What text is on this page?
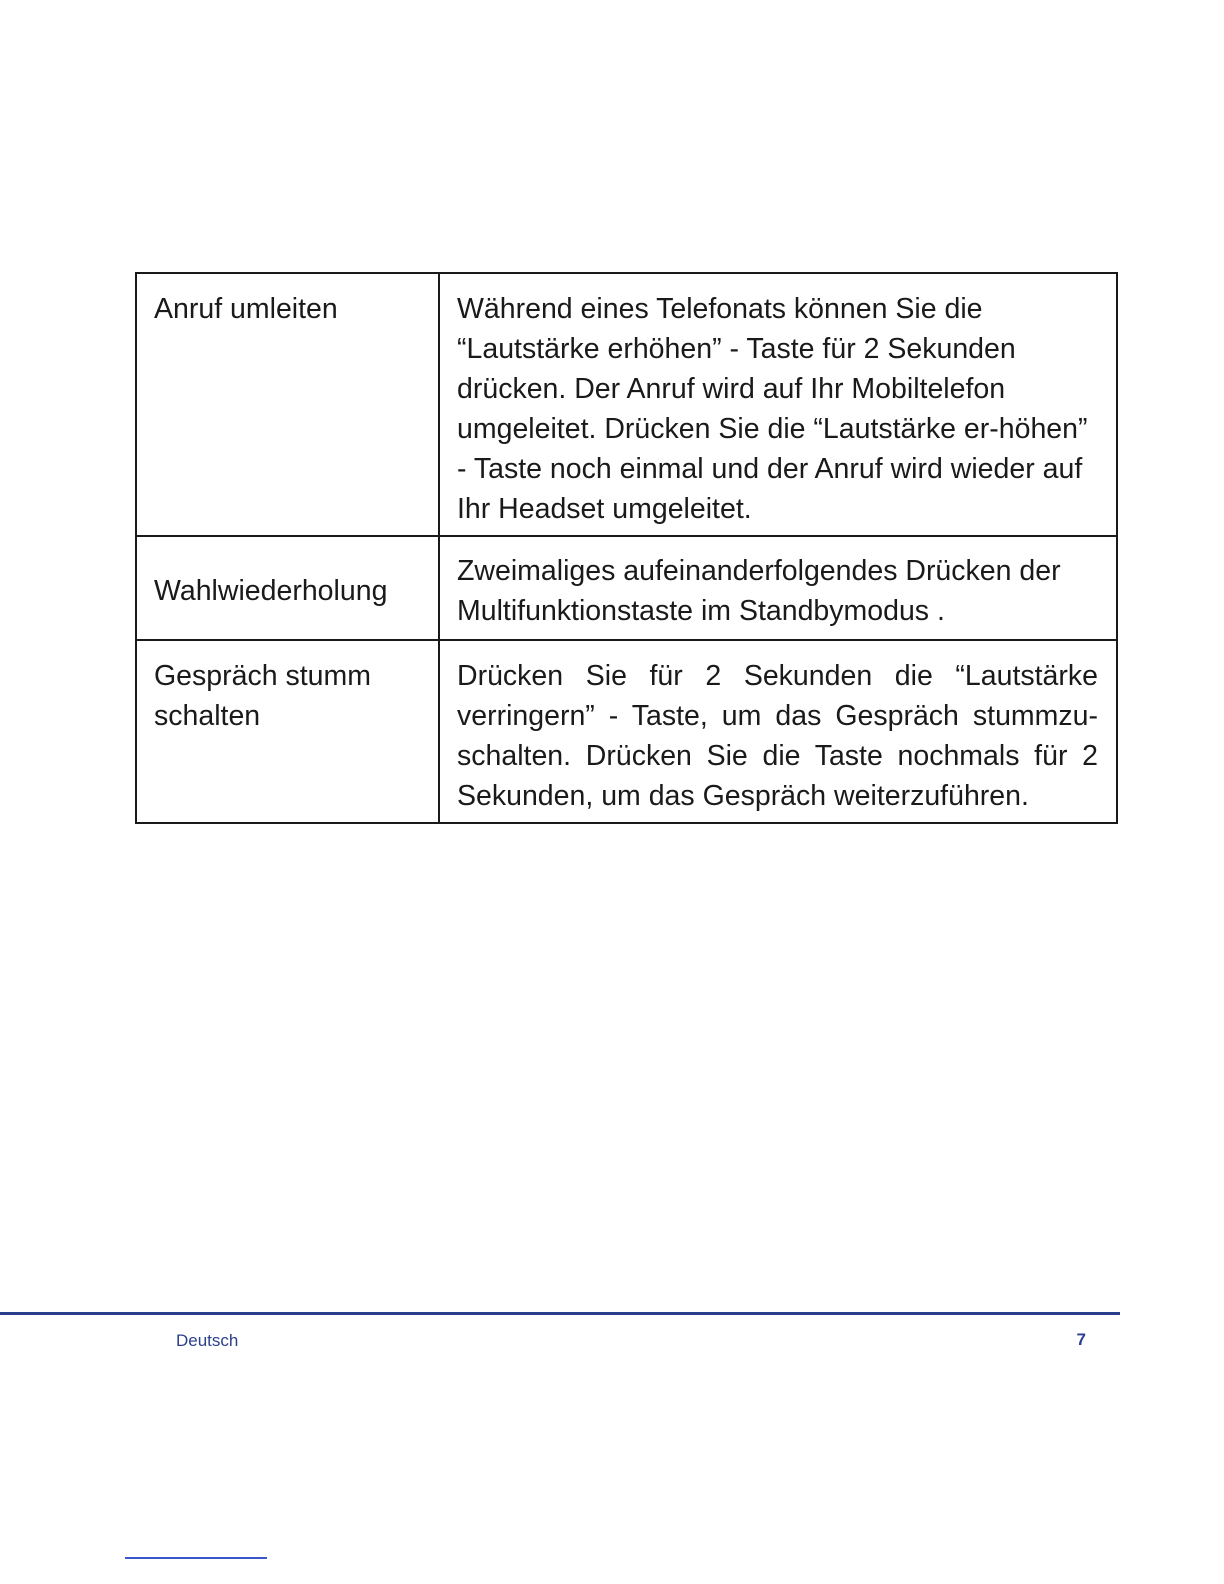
Anruf umleiten	Während eines Telefonats können Sie die “Lautstärke erhöhen” - Taste für 2 Sekunden drücken. Der Anruf wird auf Ihr Mobiltelefon umgeleitet. Drücken Sie die “Lautstärke er-höhen” - Taste noch einmal und der Anruf wird wieder auf Ihr Headset umgeleitet.
Wahlwiederholung	Zweimaliges aufeinanderfolgendes Drücken der Multifunktionstaste im Standbymodus .
Gespräch stumm schalten	Drücken Sie für 2 Sekunden die “Lautstärke verringern” - Taste, um das Gespräch stummzu-schalten. Drücken Sie die Taste nochmals für 2 Sekunden, um das Gespräch weiterzuführen.
Deutsch	7
